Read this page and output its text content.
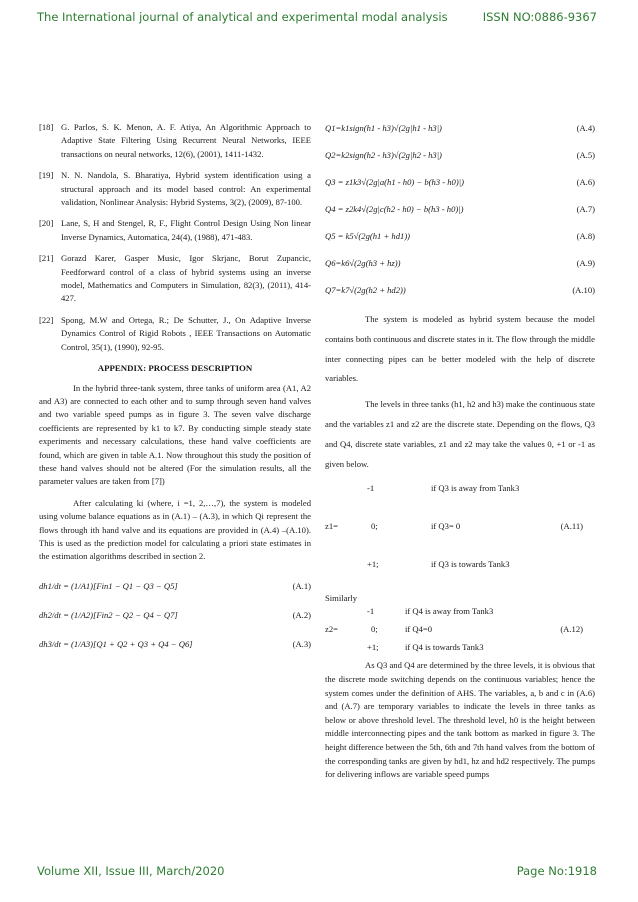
The International journal of analytical and experimental modal analysis	ISSN NO:0886-9367
[18] G. Parlos, S. K. Menon, A. F. Atiya, An Algorithmic Approach to Adaptive State Filtering Using Recurrent Neural Networks, IEEE transactions on neural networks, 12(6), (2001), 1411-1432.
[19] N. N. Nandola, S. Bharatiya, Hybrid system identification using a structural approach and its model based control: An experimental validation, Nonlinear Analysis: Hybrid Systems, 3(2), (2009), 87-100.
[20] Lane, S, H and Stengel, R, F., Flight Control Design Using Non linear Inverse Dynamics, Automatica, 24(4), (1988), 471-483.
[21] Gorazd Karer, Gasper Music, Igor Skrjanc, Borut Zupancic, Feedforward control of a class of hybrid systems using an inverse model, Mathematics and Computers in Simulation, 82(3), (2011), 414-427.
[22] Spong, M.W and Ortega, R.; De Schutter, J., On Adaptive Inverse Dynamics Control of Rigid Robots , IEEE Transactions on Automatic Control, 35(1), (1990), 92-95.
APPENDIX: PROCESS DESCRIPTION

In the hybrid three-tank system, three tanks of uniform area (A1, A2 and A3) are connected to each other and to sump through seven hand valves and two variable speed pumps as in figure 3. The seven valve discharge coefficients are represented by k1 to k7. By conducting simple steady state experiments and necessary calculations, these hand valve coefficients are found, which are given in table A.1. Now throughout this study the position of these hand valves should not be altered (For the simulation results, all the parameter values are taken from [7])

After calculating ki (where, i =1, 2,…,7), the system is modeled using volume balance equations as in (A.1) – (A.3), in which Qi represent the flows through ith hand valve and its equations are provided in (A.4) –(A.10). This is used as the prediction model for calculating a priori state estimates in the estimation algorithms described in section 2.

dh1/dt = (1/A1)[Fin1 − Q1 − Q3 − Q5]	(A.1)
dh2/dt = (1/A2)[Fin2 − Q2 − Q4 − Q7]	(A.2)
dh3/dt = (1/A3)[Q1 + Q2 + Q3 + Q4 − Q6]	(A.3)
Q1=k1sign(h1 - h3)√(2g|h1 - h3|)	(A.4)
Q2=k2sign(h2 - h3)√(2g|h2 - h3|)	(A.5)
Q3 = z1k3√(2g|a(h1 - h0) − b(h3 - h0)|)	(A.6)
Q4 = z2k4√(2g|c(h2 - h0) − b(h3 - h0)|)	(A.7)
Q5 = k5√(2g(h1 + hd1))	(A.8)
Q6=k6√(2g(h3 + hz))	(A.9)
Q7=k7√(2g(h2 + hd2))	(A.10)

The system is modeled as hybrid system because the model contains both continuous and discrete states in it. The flow through the middle inter connecting pipes can be better modeled with the help of discrete variables.

The levels in three tanks (h1, h2 and h3) make the continuous state and the variables z1 and z2 are the discrete state. Depending on the flows, Q3 and Q4, discrete state variables, z1 and z2 may take the values 0, +1 or -1 as given below.

-1	if Q3 is away from Tank3
z1=	0;	if Q3= 0	(A.11)
+1;	if Q3 is towards Tank3
Similarly
-1	if Q4 is away from Tank3
z2=	0;	if Q4=0	(A.12)
+1;	if Q4 is towards Tank3

As Q3 and Q4 are determined by the three levels, it is obvious that the discrete mode switching depends on the continuous variables; hence the system comes under the definition of AHS. The variables, a, b and c in (A.6) and (A.7) are temporary variables to indicate the levels in three tanks as below or above threshold level. The threshold level, h0 is the height between middle interconnecting pipes and the tank bottom as marked in figure 3. The height difference between the 5th, 6th and 7th hand valves from the bottom of the corresponding tanks are given by hd1, hz and hd2 respectively. The pumps for delivering inflows are variable speed pumps

Volume XII, Issue III, March/2020	Page No:1918
